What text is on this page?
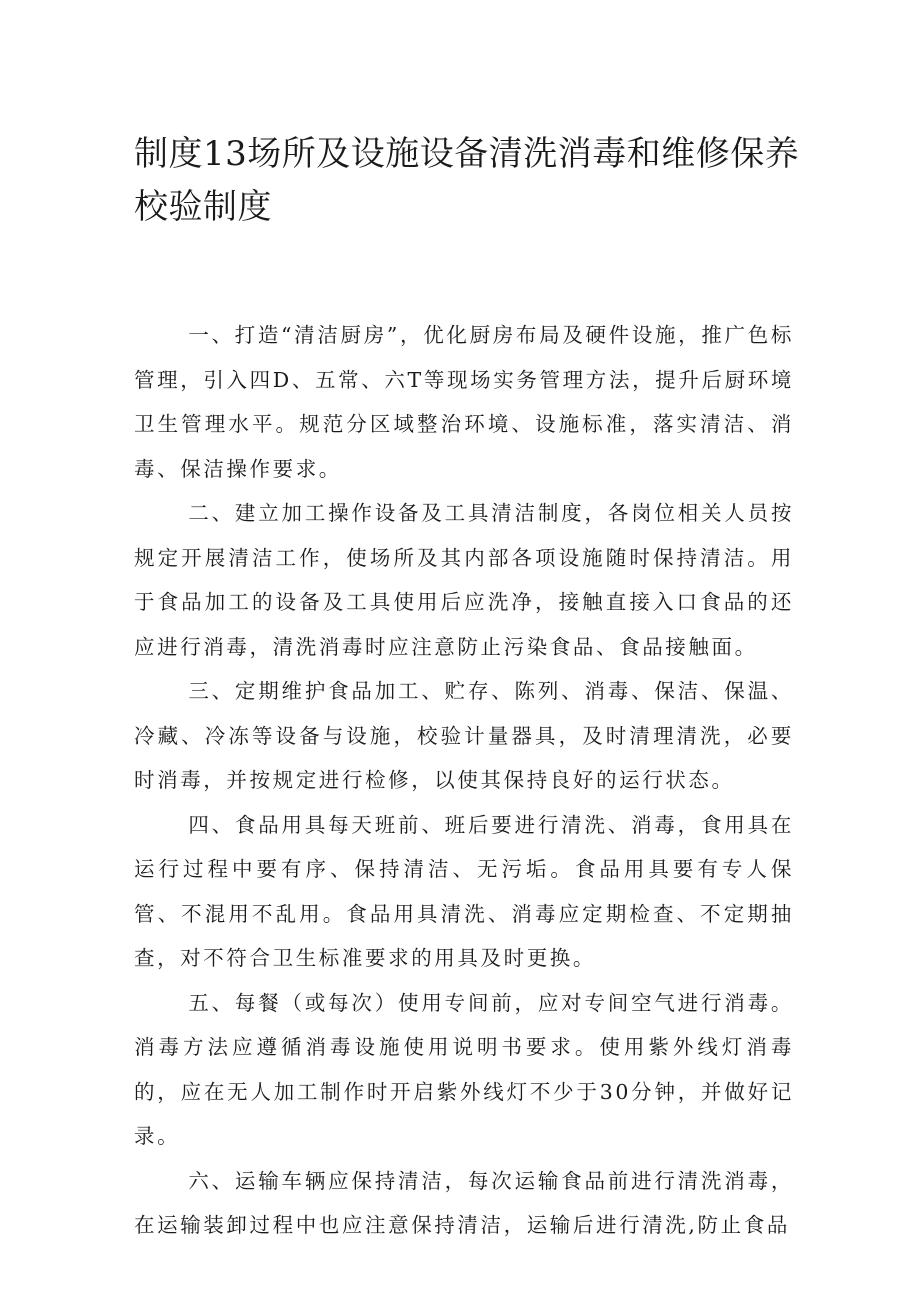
制度13场所及设施设备清洗消毒和维修保养校验制度

一、打造“清洁厨房”，优化厨房布局及硬件设施，推广色标管理，引入四D、五常、六T等现场实务管理方法，提升后厨环境卫生管理水平。规范分区域整治环境、设施标准，落实清洁、消毒、保洁操作要求。

二、建立加工操作设备及工具清洁制度，各岗位相关人员按规定开展清洁工作，使场所及其内部各项设施随时保持清洁。用于食品加工的设备及工具使用后应洗净，接触直接入口食品的还应进行消毒，清洗消毒时应注意防止污染食品、食品接触面。

三、定期维护食品加工、贮存、陈列、消毒、保洁、保温、冷藏、冷冻等设备与设施，校验计量器具，及时清理清洗，必要时消毒，并按规定进行检修，以使其保持良好的运行状态。

四、食品用具每天班前、班后要进行清洗、消毒，食用具在运行过程中要有序、保持清洁、无污垢。食品用具要有专人保管、不混用不乱用。食品用具清洗、消毒应定期检查、不定期抽查，对不符合卫生标准要求的用具及时更换。

五、每餐（或每次）使用专间前，应对专间空气进行消毒。消毒方法应遵循消毒设施使用说明书要求。使用紫外线灯消毒的，应在无人加工制作时开启紫外线灯不少于30分钟，并做好记录。

六、运输车辆应保持清洁，每次运输食品前进行清洗消毒，在运输装卸过程中也应注意保持清洁，运输后进行清洗,防止食品
